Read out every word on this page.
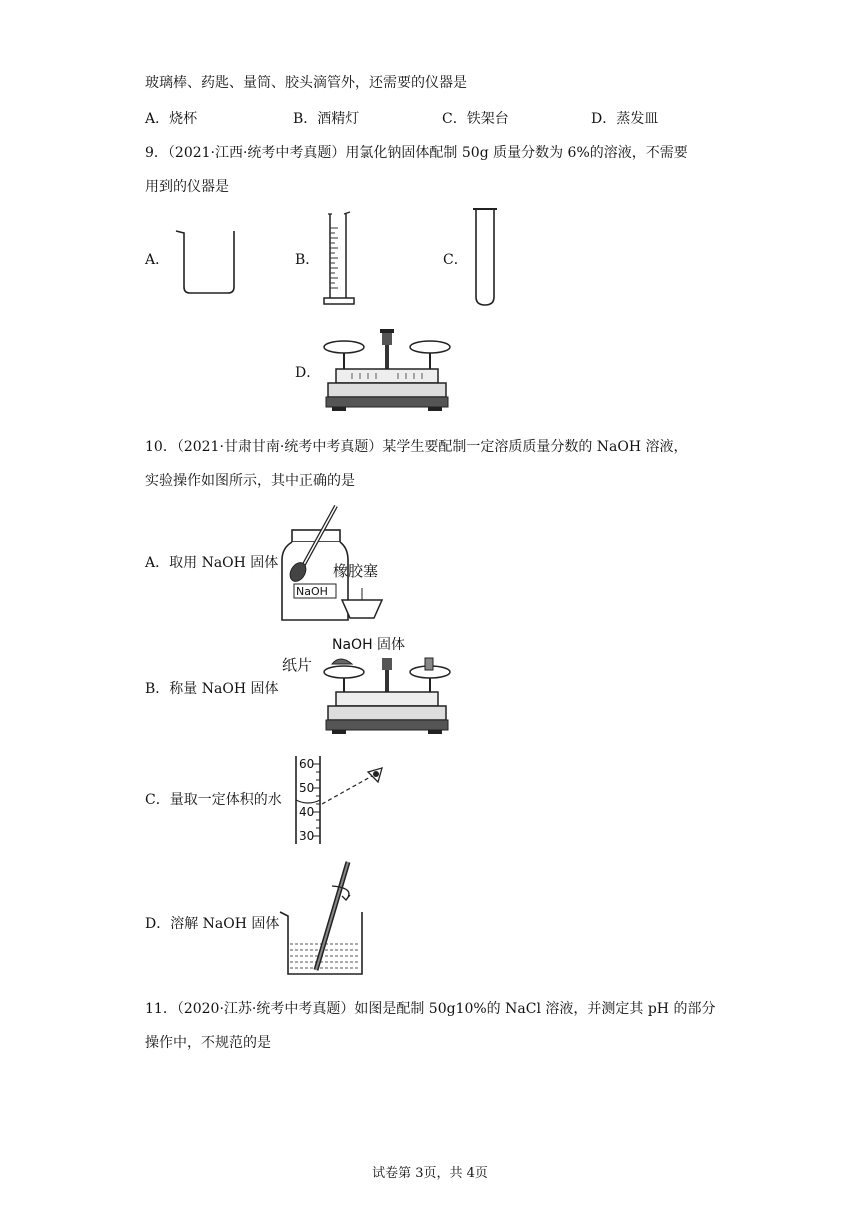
玻璃棒、药匙、量筒、胶头滴管外，还需要的仪器是
A．烧杯	B．酒精灯	C．铁架台	D．蒸发皿
9．（2021·江西·统考中考真题）用氯化钠固体配制 50g 质量分数为 6%的溶液，不需要
用到的仪器是
A．	B．	C．
D．
10．（2021·甘肃甘南·统考中考真题）某学生要配制一定溶质质量分数的 NaOH 溶液，
实验操作如图所示，其中正确的是
A．取用 NaOH 固体
NaOH
橡胶塞
B．称量 NaOH 固体
NaOH 固体
纸片
C．量取一定体积的水
60
50
40
30
D．溶解 NaOH 固体
11．（2020·江苏·统考中考真题）如图是配制 50g10%的 NaCl 溶液，并测定其 pH 的部分
操作中，不规范的是
试卷第 3页，共 4页
